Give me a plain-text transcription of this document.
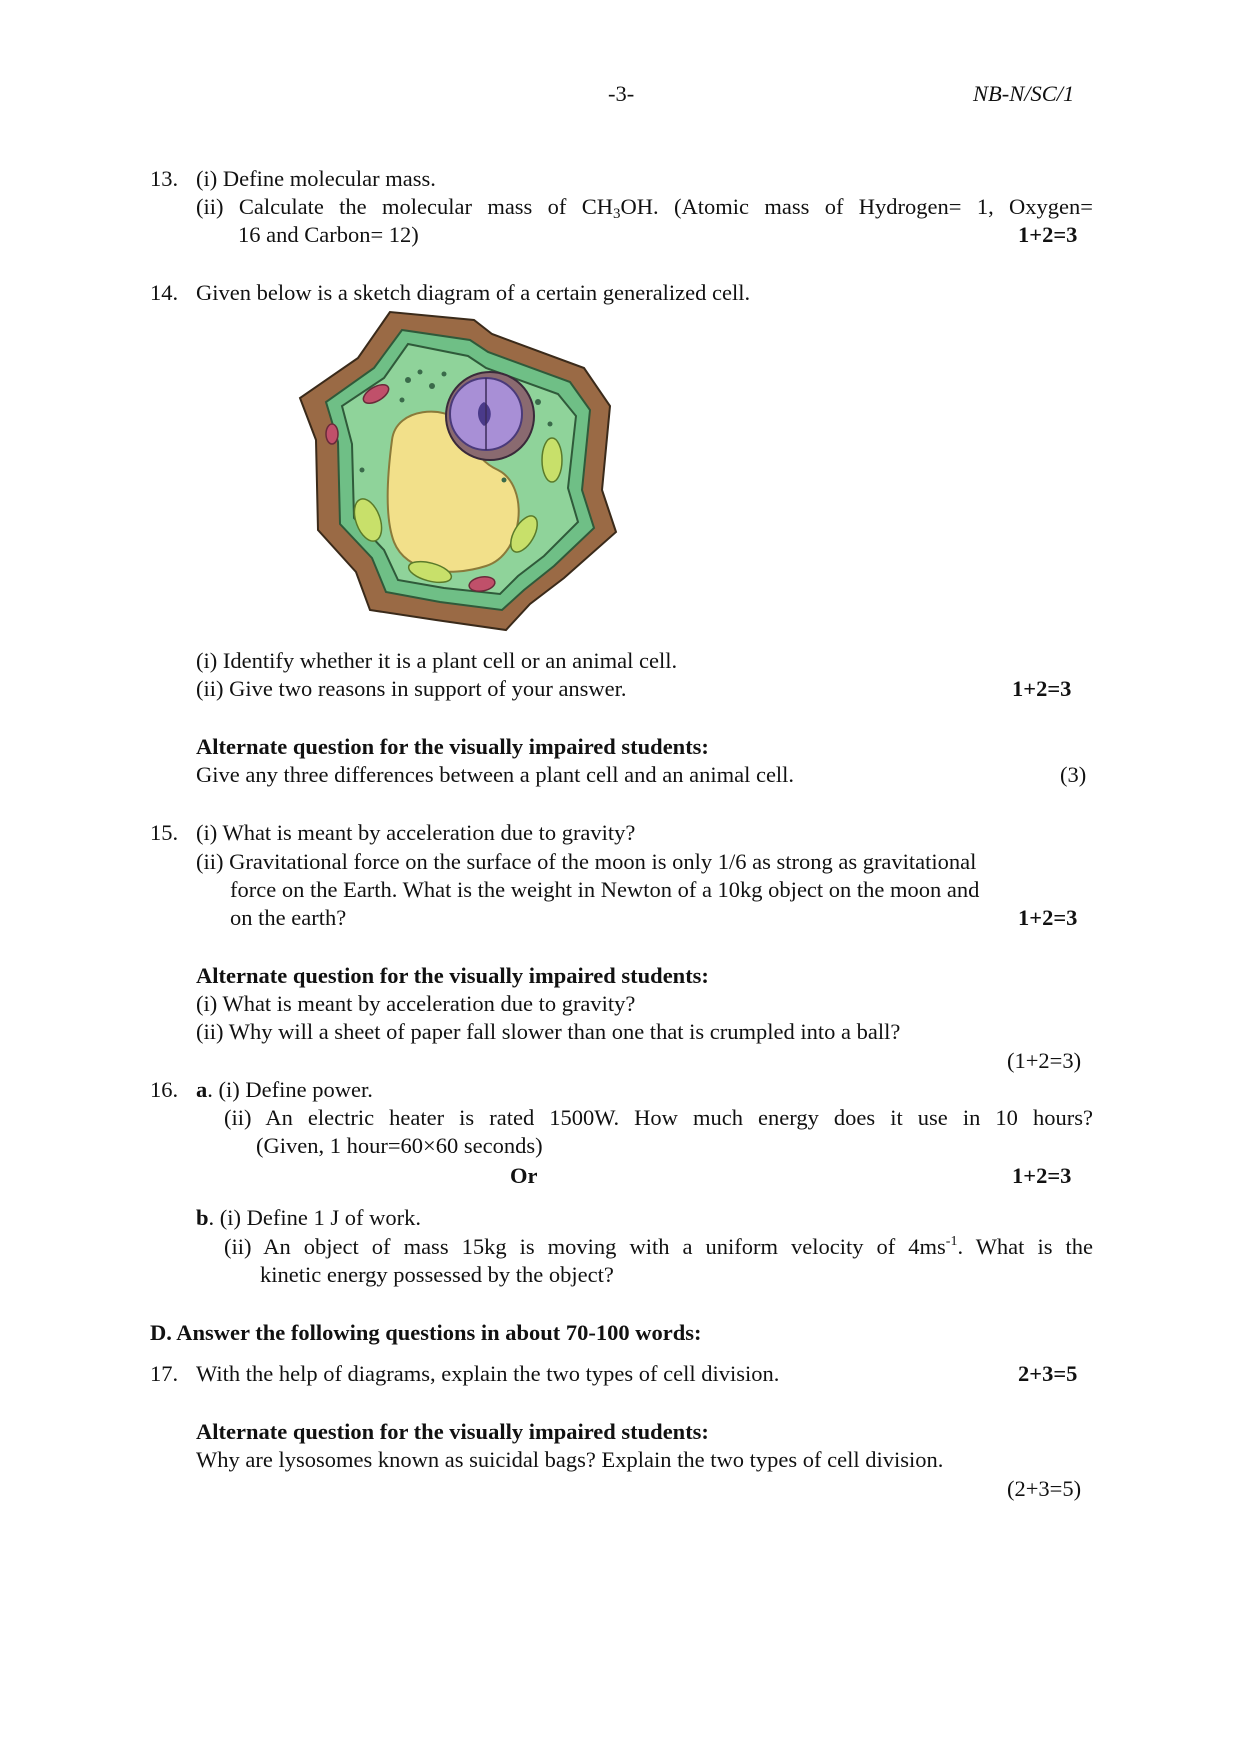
-3-	NB-N/SC/1
13. (i) Define molecular mass.
(ii) Calculate the molecular mass of $CH_3OH$. (Atomic mass of Hydrogen= 1, Oxygen=
16 and Carbon= 12)	1+2=3
14. Given below is a sketch diagram of a certain generalized cell.
(i) Identify whether it is a plant cell or an animal cell.
(ii) Give two reasons in support of your answer.	1+2=3
Alternate question for the visually impaired students:
Give any three differences between a plant cell and an animal cell.	(3)
15. (i) What is meant by acceleration due to gravity?
(ii) Gravitational force on the surface of the moon is only 1/6 as strong as gravitational
force on the Earth. What is the weight in Newton of a 10kg object on the moon and
on the earth?	1+2=3
Alternate question for the visually impaired students:
(i) What is meant by acceleration due to gravity?
(ii) Why will a sheet of paper fall slower than one that is crumpled into a ball?
(1+2=3)
16. a. (i) Define power.
(ii) An electric heater is rated 1500W. How much energy does it use in 10 hours?
(Given, 1 hour=60×60 seconds)
Or	1+2=3
b. (i) Define 1 J of work.
(ii) An object of mass 15kg is moving with a uniform velocity of $4ms^{-1}$. What is the
kinetic energy possessed by the object?
D. Answer the following questions in about 70-100 words:
17. With the help of diagrams, explain the two types of cell division.	2+3=5
Alternate question for the visually impaired students:
Why are lysosomes known as suicidal bags? Explain the two types of cell division.
(2+3=5)
